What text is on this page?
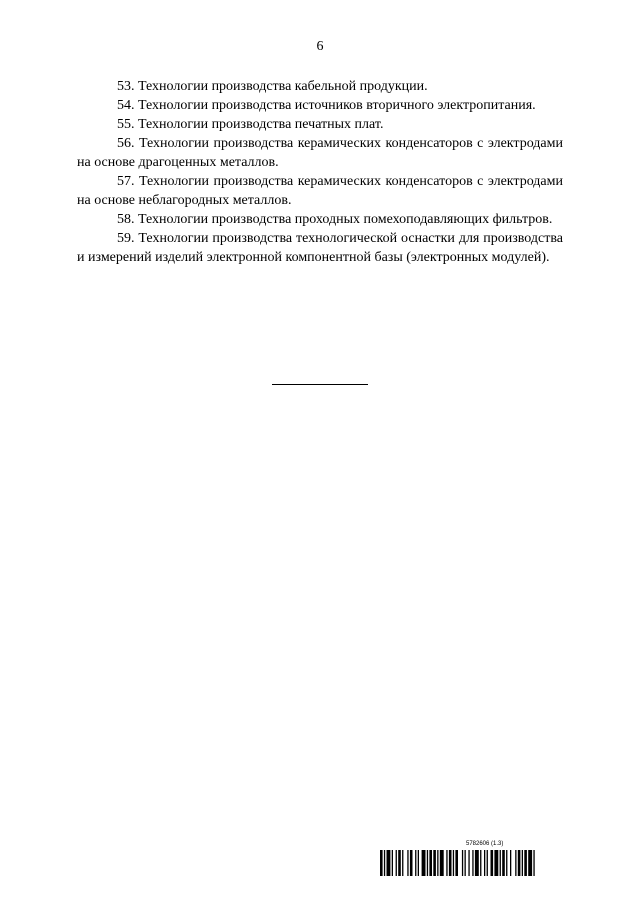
6

53. Технологии производства кабельной продукции.

54. Технологии производства источников вторичного электропитания.

55. Технологии производства печатных плат.

56. Технологии производства керамических конденсаторов с электродами на основе драгоценных металлов.

57. Технологии производства керамических конденсаторов с электродами на основе неблагородных металлов.

58. Технологии производства проходных помехоподавляющих фильтров.

59. Технологии производства технологической оснастки для производства и измерений изделий электронной компонентной базы (электронных модулей).

5782606 (1.3)
